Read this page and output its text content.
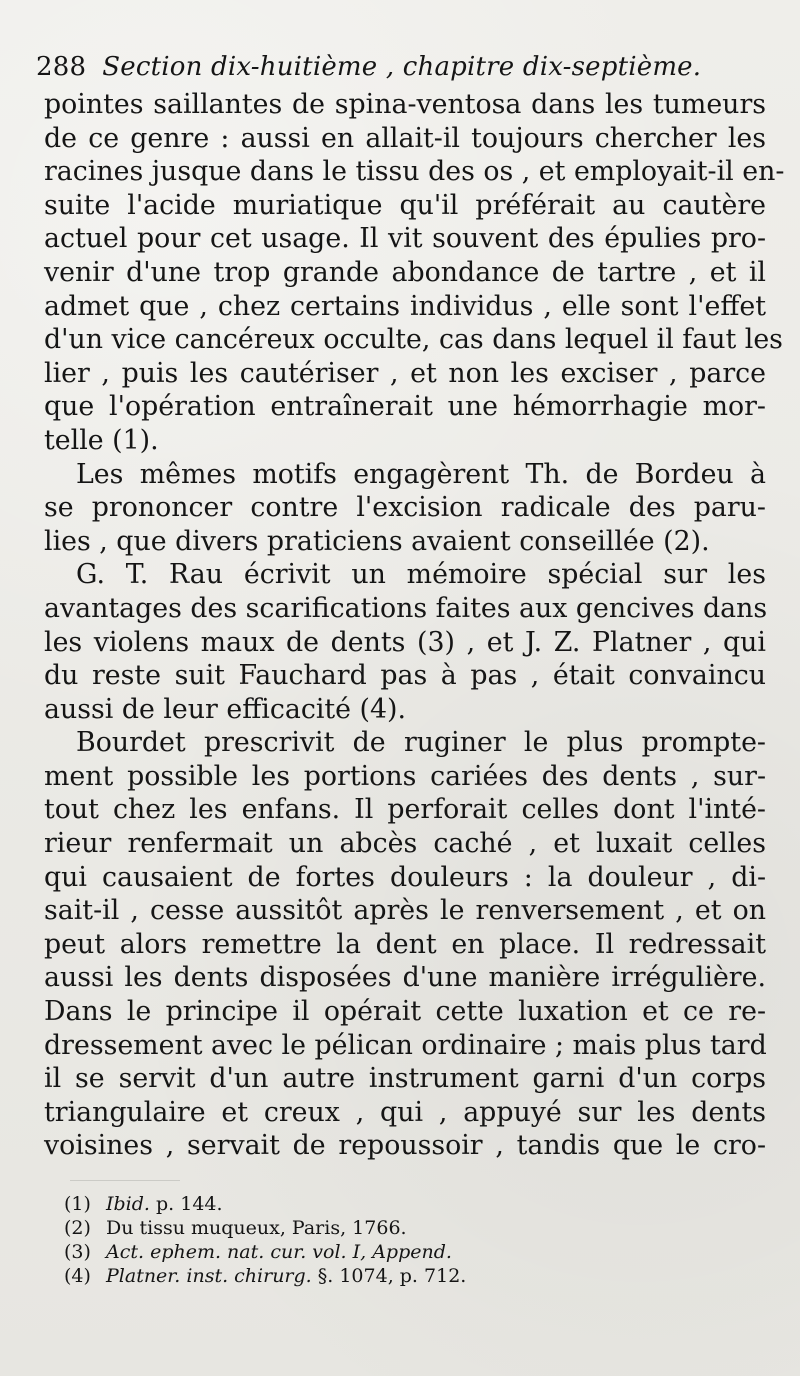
288 Section dix-huitième , chapitre dix-septième.
pointes saillantes de spina-ventosa dans les tumeurs
de ce genre : aussi en allait-il toujours chercher les
racines jusque dans le tissu des os , et employait-il en-
suite l'acide muriatique qu'il préférait au cautère
actuel pour cet usage. Il vit souvent des épulies pro-
venir d'une trop grande abondance de tartre , et il
admet que , chez certains individus , elle sont l'effet
d'un vice cancéreux occulte, cas dans lequel il faut les
lier , puis les cautériser , et non les exciser , parce
que l'opération entraînerait une hémorrhagie mor-
telle (1).
Les mêmes motifs engagèrent Th. de Bordeu à
se prononcer contre l'excision radicale des paru-
lies , que divers praticiens avaient conseillée (2).
G. T. Rau écrivit un mémoire spécial sur les
avantages des scarifications faites aux gencives dans
les violens maux de dents (3) , et J. Z. Platner , qui
du reste suit Fauchard pas à pas , était convaincu
aussi de leur efficacité (4).
Bourdet prescrivit de ruginer le plus prompte-
ment possible les portions cariées des dents , sur-
tout chez les enfans. Il perforait celles dont l'inté-
rieur renfermait un abcès caché , et luxait celles
qui causaient de fortes douleurs : la douleur , di-
sait-il , cesse aussitôt après le renversement , et on
peut alors remettre la dent en place. Il redressait
aussi les dents disposées d'une manière irrégulière.
Dans le principe il opérait cette luxation et ce re-
dressement avec le pélican ordinaire ; mais plus tard
il se servit d'un autre instrument garni d'un corps
triangulaire et creux , qui , appuyé sur les dents
voisines , servait de repoussoir , tandis que le cro-
(1) Ibid. p. 144.
(2) Du tissu muqueux, Paris, 1766.
(3) Act. ephem. nat. cur. vol. I, Append.
(4) Platner. inst. chirurg. §. 1074, p. 712.
